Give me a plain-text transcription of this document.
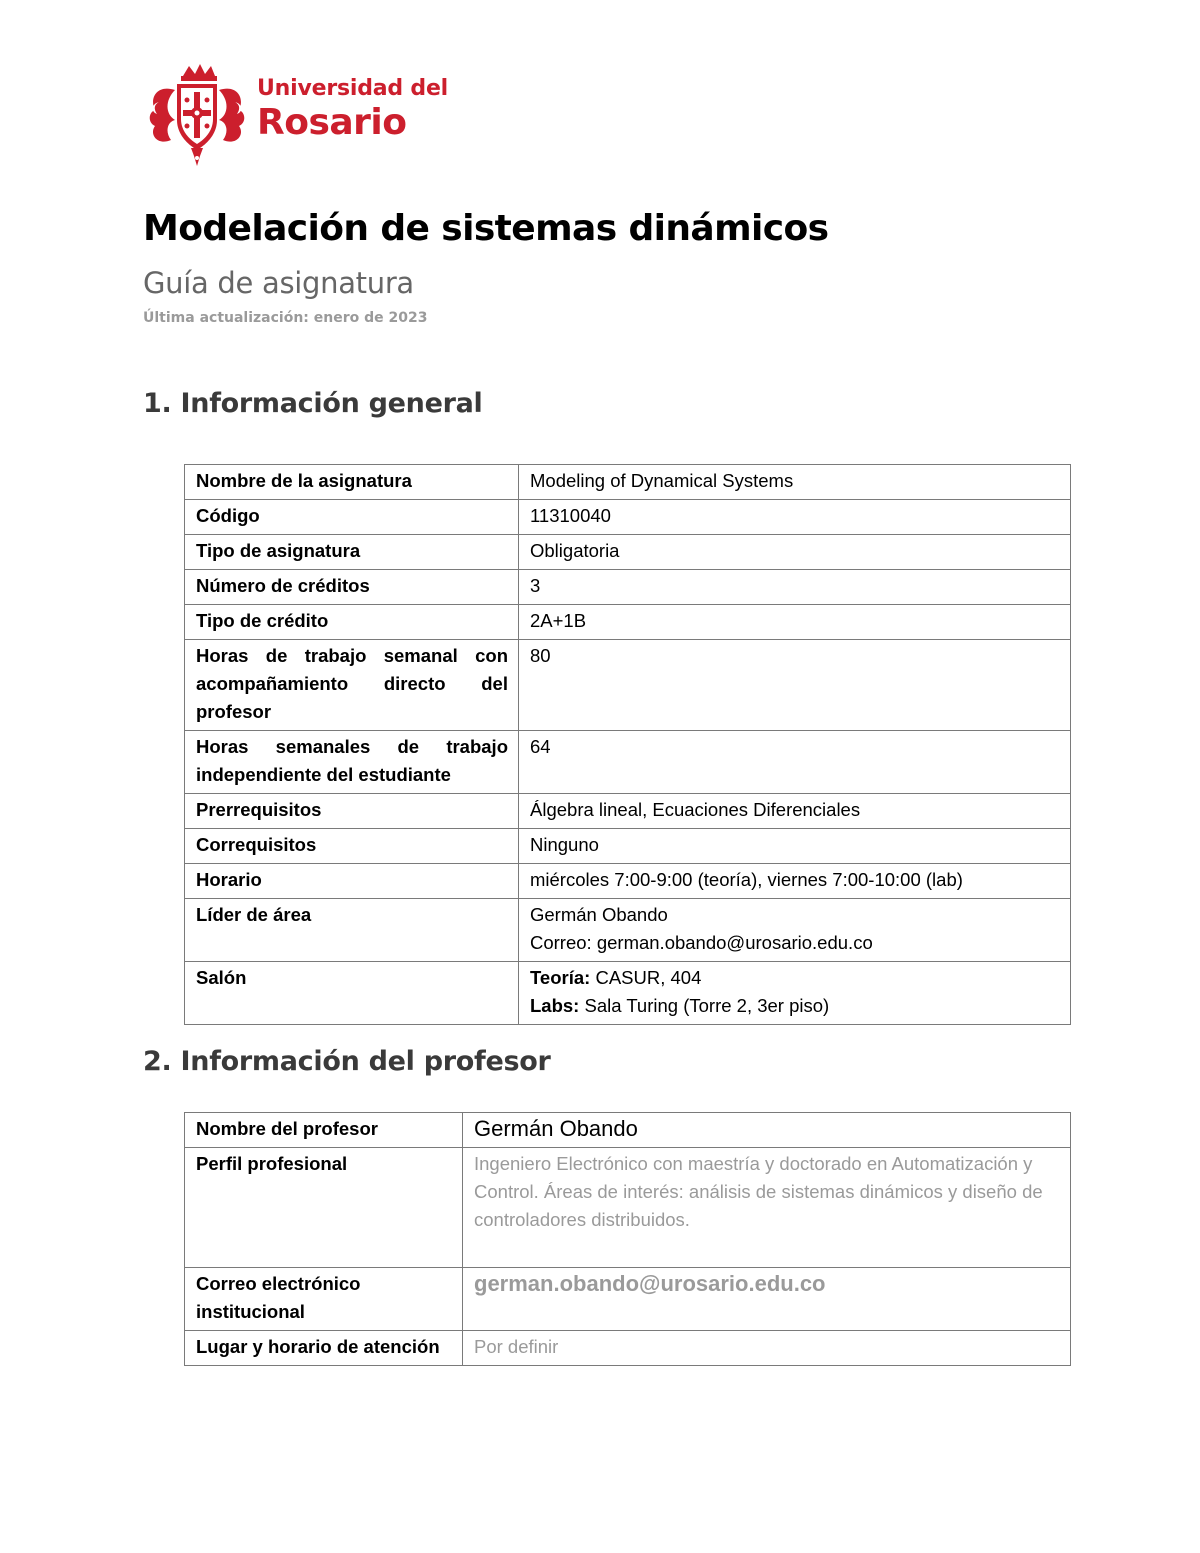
Universidad del
Rosario
Modelación de sistemas dinámicos
Guía de asignatura
Última actualización: enero de 2023
1. Información general
Nombre de la asignatura	Modeling of Dynamical Systems
Código	11310040
Tipo de asignatura	Obligatoria
Número de créditos	3
Tipo de crédito	2A+1B
Horas de trabajo semanal con acompañamiento directo del profesor	80
Horas semanales de trabajo independiente del estudiante	64
Prerrequisitos	Álgebra lineal, Ecuaciones Diferenciales
Correquisitos	Ninguno
Horario	miércoles 7:00-9:00 (teoría), viernes 7:00-10:00 (lab)
Líder de área	Germán Obando
Correo: german.obando@urosario.edu.co

Salón	Teoría: CASUR, 404
Labs: Sala Turing (Torre 2, 3er piso)
2. Información del profesor
Nombre del profesor	Germán Obando
Perfil profesional	Ingeniero Electrónico con maestría y doctorado en Automatización y Control. Áreas de interés: análisis de sistemas dinámicos y diseño de controladores distribuidos.
Correo electrónico institucional	german.obando@urosario.edu.co
Lugar y horario de atención	Por definir
